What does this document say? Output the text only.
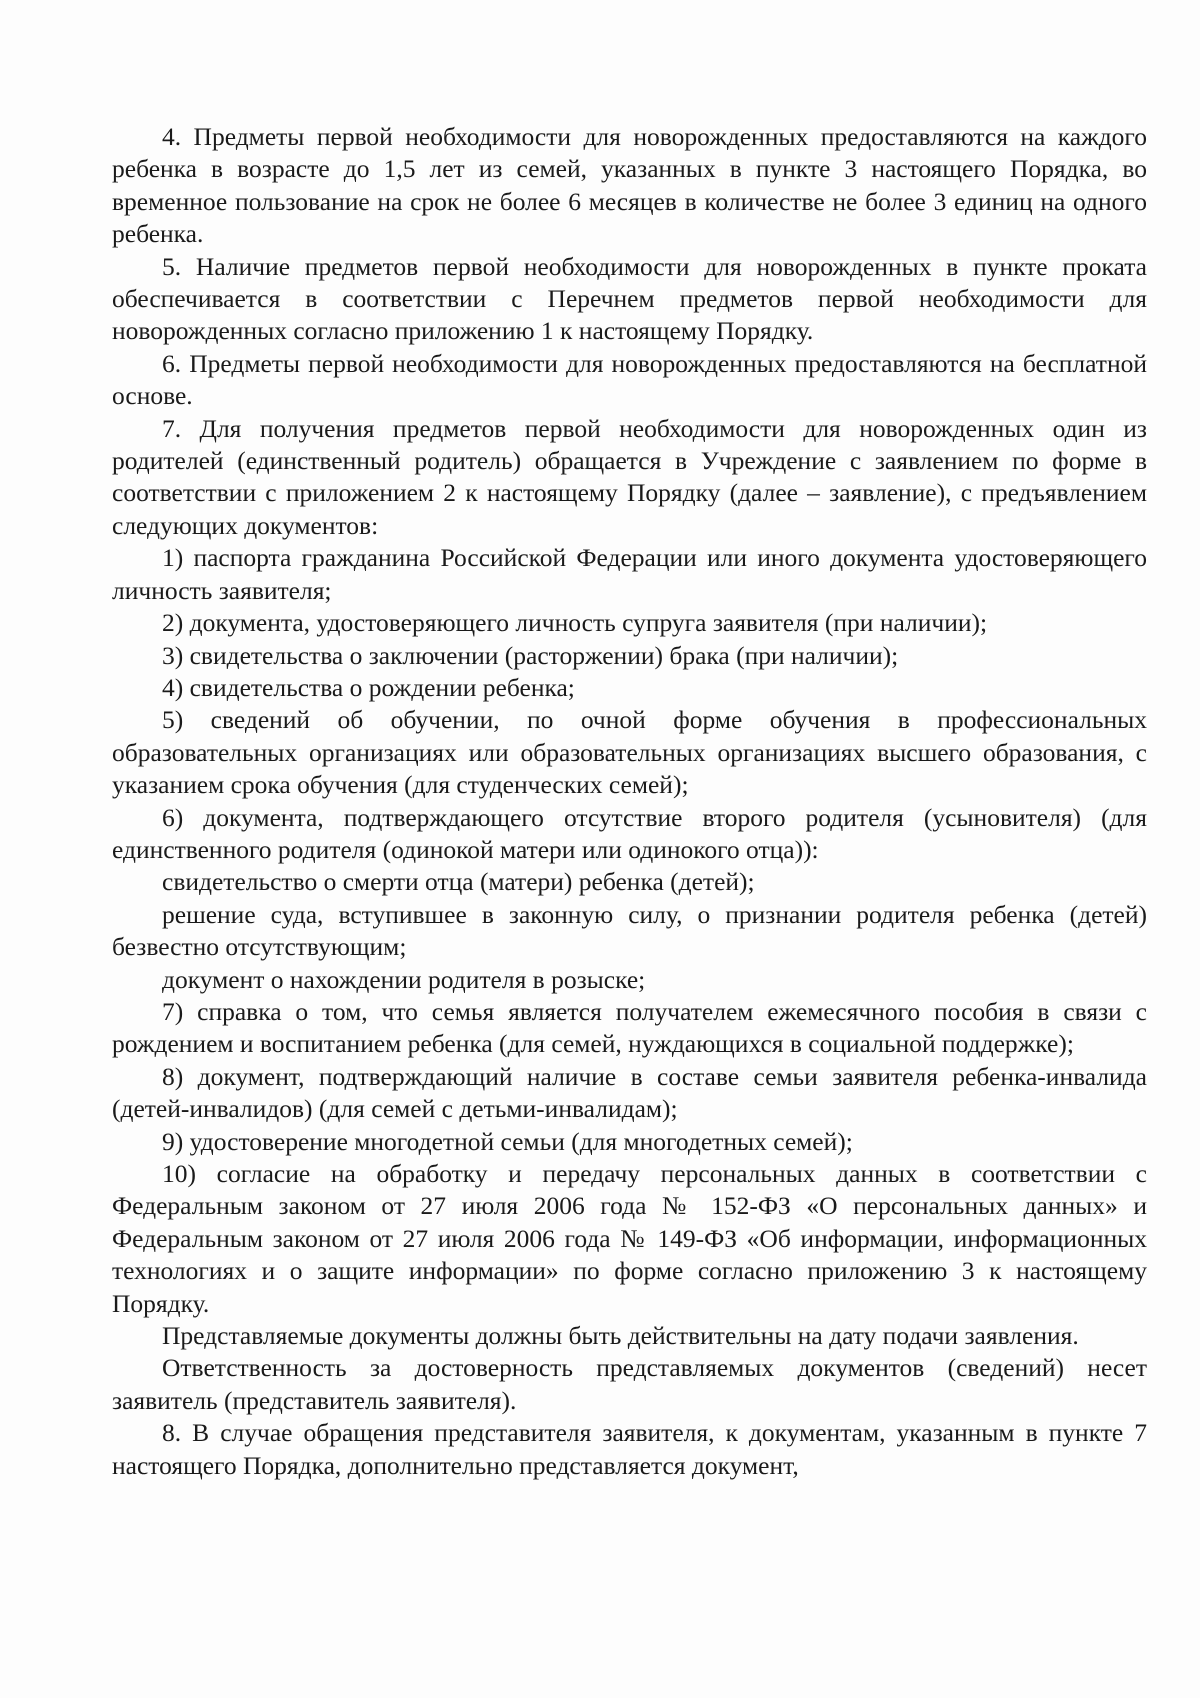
4. Предметы первой необходимости для новорожденных предоставляются на каждого ребенка в возрасте до 1,5 лет из семей, указанных в пункте 3 настоящего Порядка, во временное пользование на срок не более 6 месяцев в количестве не более 3 единиц на одного ребенка.

5. Наличие предметов первой необходимости для новорожденных в пункте проката обеспечивается в соответствии с Перечнем предметов первой необходимости для новорожденных согласно приложению 1 к настоящему Порядку.

6. Предметы первой необходимости для новорожденных предоставляются на бесплатной основе.

7. Для получения предметов первой необходимости для новорожденных один из родителей (единственный родитель) обращается в Учреждение с заявлением по форме в соответствии с приложением 2 к настоящему Порядку (далее – заявление), с предъявлением следующих документов:

1) паспорта гражданина Российской Федерации или иного документа удостоверяющего личность заявителя;

2) документа, удостоверяющего личность супруга заявителя (при наличии);

3) свидетельства о заключении (расторжении) брака (при наличии);

4) свидетельства о рождении ребенка;

5) сведений об обучении, по очной форме обучения в профессиональных образовательных организациях или образовательных организациях высшего образования, с указанием срока обучения (для студенческих семей);

6) документа, подтверждающего отсутствие второго родителя (усыновителя) (для единственного родителя (одинокой матери или одинокого отца)):

свидетельство о смерти отца (матери) ребенка (детей);

решение суда, вступившее в законную силу, о признании родителя ребенка (детей) безвестно отсутствующим;

документ о нахождении родителя в розыске;

7) справка о том, что семья является получателем ежемесячного пособия в связи с рождением и воспитанием ребенка (для семей, нуждающихся в социальной поддержке);

8) документ, подтверждающий наличие в составе семьи заявителя ребенка-инвалида (детей-инвалидов) (для семей с детьми-инвалидам);

9) удостоверение многодетной семьи (для многодетных семей);

10) согласие на обработку и передачу персональных данных в соответствии с Федеральным законом от 27 июля 2006 года № 152-ФЗ «О персональных данных» и Федеральным законом от 27 июля 2006 года № 149-ФЗ «Об информации, информационных технологиях и о защите информации» по форме согласно приложению 3 к настоящему Порядку.

Представляемые документы должны быть действительны на дату подачи заявления.

Ответственность за достоверность представляемых документов (сведений) несет заявитель (представитель заявителя).

8. В случае обращения представителя заявителя, к документам, указанным в пункте 7 настоящего Порядка, дополнительно представляется документ,
